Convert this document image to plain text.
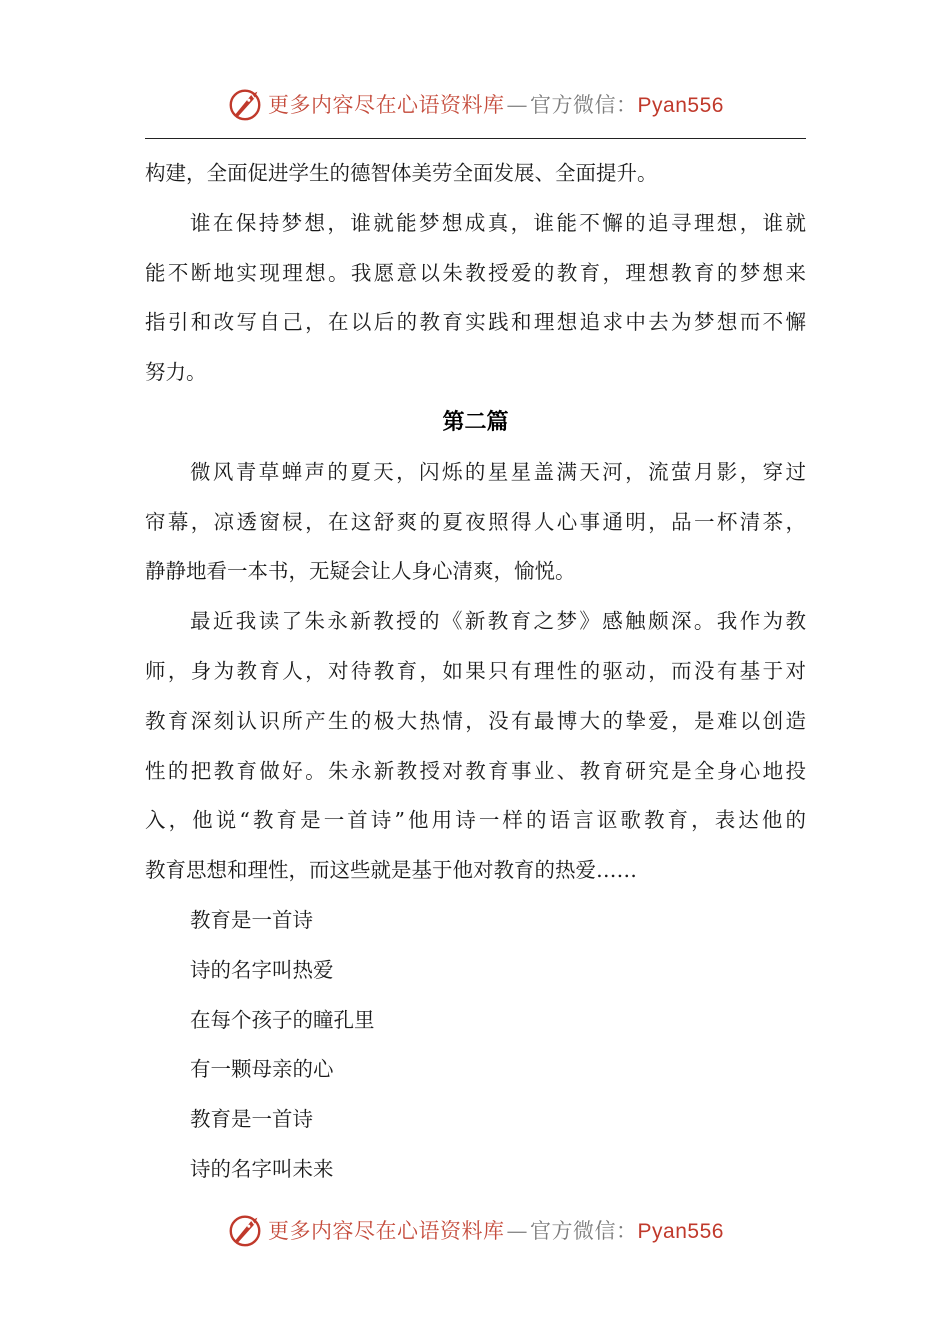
更多内容尽在心语资料库—官方微信：Pyan556
构建，全面促进学生的德智体美劳全面发展、全面提升。
谁在保持梦想，谁就能梦想成真，谁能不懈的追寻理想，谁就
能不断地实现理想。我愿意以朱教授爱的教育，理想教育的梦想来
指引和改写自己，在以后的教育实践和理想追求中去为梦想而不懈
努力。
第二篇
微风青草蝉声的夏天，闪烁的星星盖满天河，流萤月影，穿过
帘幕，凉透窗棂，在这舒爽的夏夜照得人心事通明，品一杯清茶，
静静地看一本书，无疑会让人身心清爽，愉悦。
最近我读了朱永新教授的《新教育之梦》感触颇深。我作为教
师，身为教育人，对待教育，如果只有理性的驱动，而没有基于对
教育深刻认识所产生的极大热情，没有最博大的挚爱，是难以创造
性的把教育做好。朱永新教授对教育事业、教育研究是全身心地投
入，他说“教育是一首诗”他用诗一样的语言讴歌教育，表达他的
教育思想和理性，而这些就是基于他对教育的热爱……
教育是一首诗
诗的名字叫热爱
在每个孩子的瞳孔里
有一颗母亲的心
教育是一首诗
诗的名字叫未来
更多内容尽在心语资料库—官方微信：Pyan556
